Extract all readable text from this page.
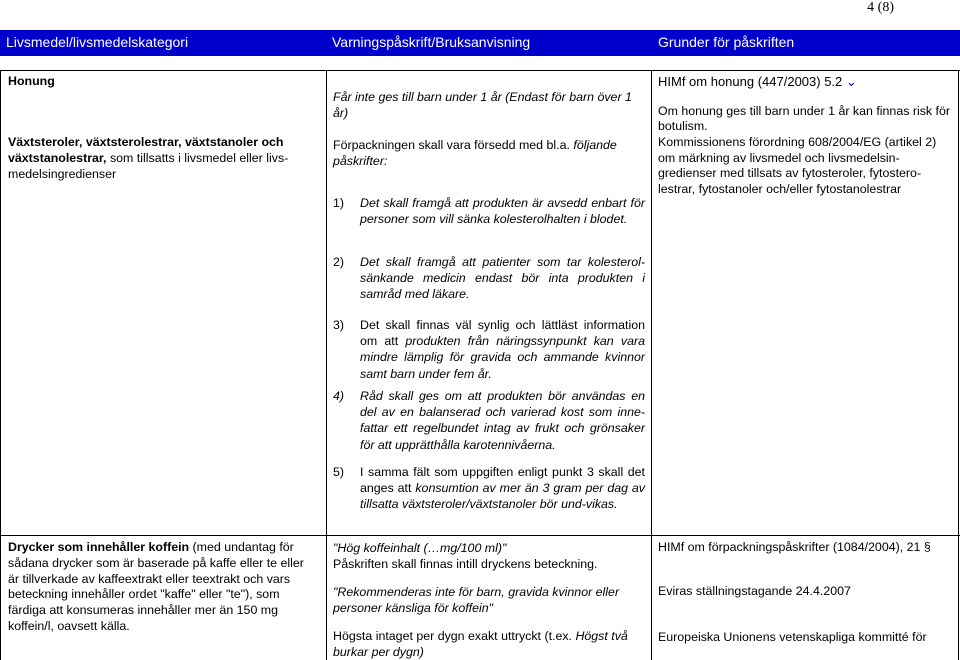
4 (8)
Livsmedel/livsmedelskategori	Varningspåskrift/Bruksanvisning	Grunder för påskriften
Honung
Växtsteroler, växtsterolestrar, växtstanoler och växtstanolestrar, som tillsatts i livsmedel eller livs-medelsingredienser
Får inte ges till barn under 1 år (Endast för barn över 1 år)
Förpackningen skall vara försedd med bl.a. följande påskrifter:
1) Det skall framgå att produkten är avsedd enbart för personer som vill sänka kolesterolhalten i blodet.
2) Det skall framgå att patienter som tar kolesterol-sänkande medicin endast bör inta produkten i samråd med läkare.
3) Det skall finnas väl synlig och lättläst information om att produkten från näringssynpunkt kan vara mindre lämplig för gravida och ammande kvinnor samt barn under fem år.
4) Råd skall ges om att produkten bör användas en del av en balanserad och varierad kost som inne-fattar ett regelbundet intag av frukt och grönsaker för att upprätthålla karotennivåerna.
5) I samma fält som uppgiften enligt punkt 3 skall det anges att konsumtion av mer än 3 gram per dag av tillsatta växtsteroler/växtstanoler bör und-vikas.
HIMf om honung (447/2003) 5.2 ⌄
Om honung ges till barn under 1 år kan finnas risk för botulism.
Kommissionens förordning 608/2004/EG (artikel 2) om märkning av livsmedel och livsmedelsin-gredienser med tillsats av fytosteroler, fytostero-lestrar, fytostanoler och/eller fytostanolestrar
Drycker som innehåller koffein (med undantag för sådana drycker som är baserade på kaffe eller te eller är tillverkade av kaffeextrakt eller teextrakt och vars beteckning innehåller ordet "kaffe" eller "te"), som färdiga att konsumeras innehåller mer än 150 mg koffein/l, oavsett källa.
"Hög koffeinhalt (…mg/100 ml)"
Påskriften skall finnas intill dryckens beteckning.
"Rekommenderas inte för barn, gravida kvinnor eller personer känsliga för koffein"
Högsta intaget per dygn exakt uttryckt (t.ex. Högst två burkar per dygn)
HIMf om förpackningspåskrifter (1084/2004), 21 §
Eviras ställningstagande 24.4.2007
Europeiska Unionens vetenskapliga kommitté för
